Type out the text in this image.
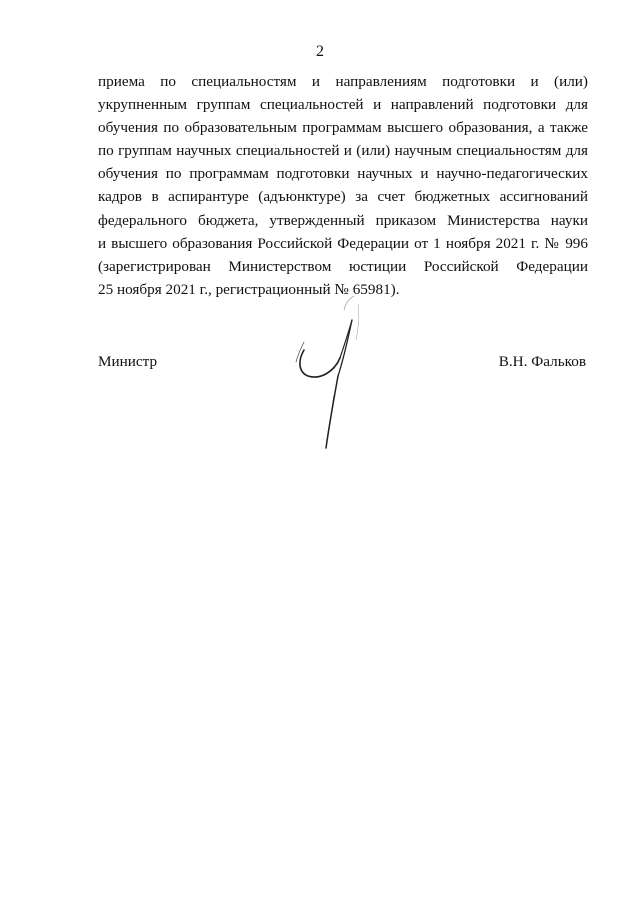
2
приема по специальностям и направлениям подготовки и (или)
укрупненным группам специальностей и направлений подготовки для
обучения по образовательным программам высшего образования, а также
по группам научных специальностей и (или) научным специальностям для
обучения по программам подготовки научных и научно-педагогических
кадров в аспирантуре (адъюнктуре) за счет бюджетных ассигнований
федерального бюджета, утвержденный приказом Министерства науки
и высшего образования Российской Федерации от 1 ноября 2021 г. № 996
(зарегистрирован Министерством юстиции Российской Федерации
25 ноября 2021 г., регистрационный № 65981).
Министр	В.Н. Фальков
